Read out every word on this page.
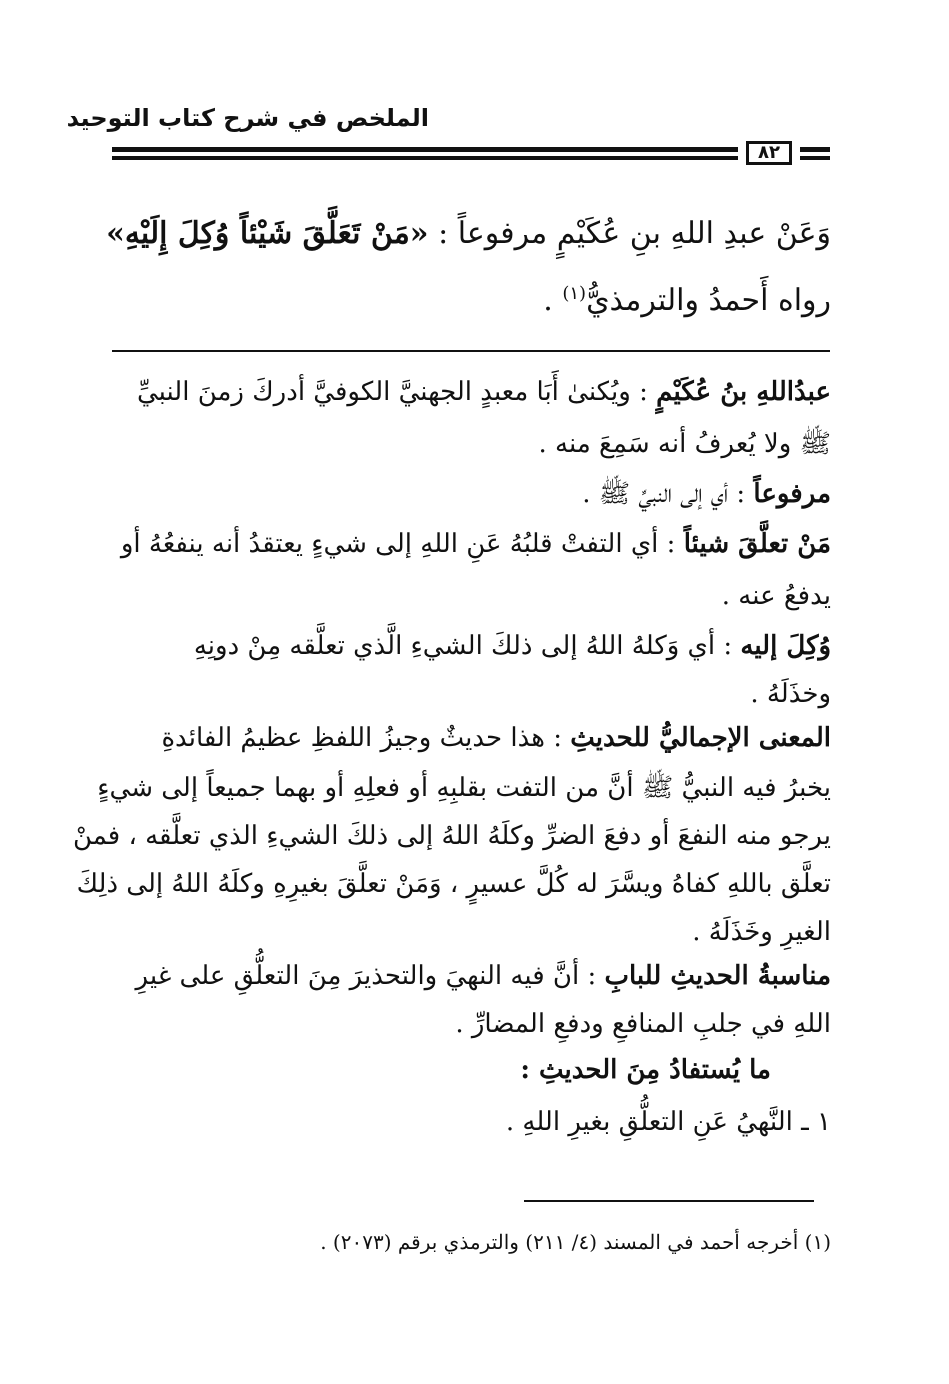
الملخص في شرح كتاب التوحيد
٨٢
وَعَنْ عبدِ اللهِ بنِ عُكَيْمٍ مرفوعاً : «مَنْ تَعَلَّقَ شَيْئاً وُكِلَ إِلَيْهِ»
رواه أَحمدُ والترمذيُّ$^{(١)}$ .
عبدُاللهِ بنُ عُكَيْمٍ : ويُكنىٰ أَبَا معبدٍ الجهنيَّ الكوفيَّ أدركَ زمنَ النبيِّ
ﷺ ولا يُعرفُ أنه سَمِعَ منه .
مرفوعاً : أي إلى النبيِّ ﷺ .
مَنْ تعلَّقَ شيئاً : أي التفتْ قلبُهُ عَنِ اللهِ إلى شيءٍ يعتقدُ أنه ينفعُهُ أو
يدفعُ عنه .
وُكِلَ إليه : أي وَكلهُ اللهُ إلى ذلكَ الشيءِ الَّذي تعلَّقه مِنْ دونِهِ
وخذَلَهُ .
المعنى الإجماليُّ للحديثِ : هذا حديثٌ وجيزُ اللفظِ عظيمُ الفائدةِ
يخبرُ فيه النبيُّ ﷺ أنَّ من التفت بقلبِهِ أو فعلِهِ أو بهما جميعاً إلى شيءٍ
يرجو منه النفعَ أو دفعَ الضرِّ وكلَهُ اللهُ إلى ذلكَ الشيءِ الذي تعلَّقه ، فمنْ
تعلَّق باللهِ كفاهُ ويسَّرَ له كُلَّ عسيرٍ ، وَمَنْ تعلَّقَ بغيرِهِ وكلَهُ اللهُ إلى ذلِكَ
الغيرِ وخَذَلَهُ .
مناسبةُ الحديثِ للبابِ : أنَّ فيه النهيَ والتحذيرَ مِنَ التعلُّقِ على غيرِ
اللهِ في جلبِ المنافعِ ودفعِ المضارِّ .
ما يُستفادُ مِنَ الحديثِ :
١ ـ النَّهيُ عَنِ التعلُّقِ بغيرِ اللهِ .
(١) أخرجه أحمد في المسند (٤/ ٢١١) والترمذي برقم (٢٠٧٣) .
